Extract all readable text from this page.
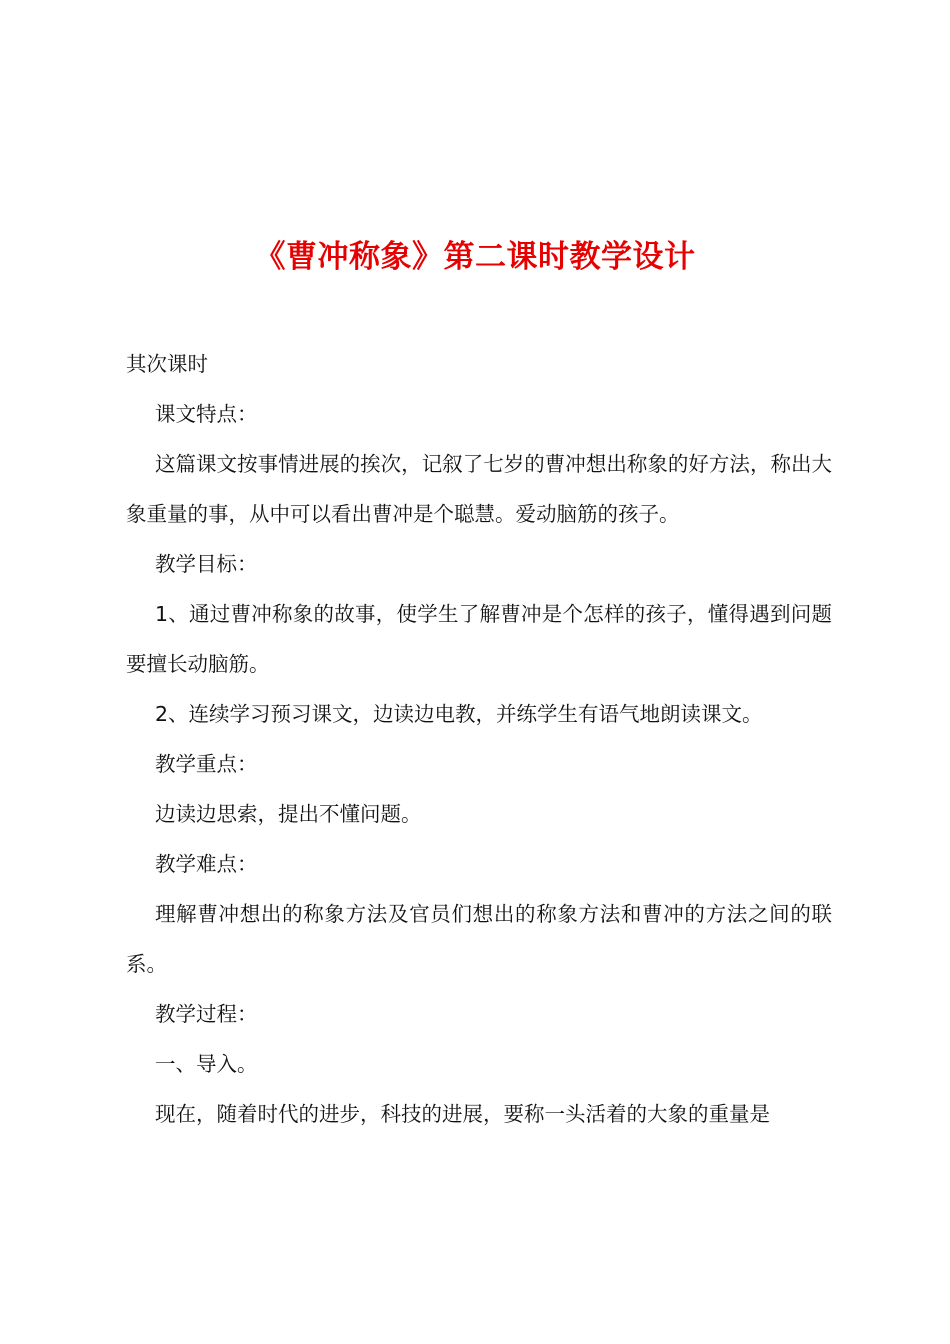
《曹冲称象》第二课时教学设计

其次课时

课文特点：

这篇课文按事情进展的挨次，记叙了七岁的曹冲想出称象的好方法，称出大象重量的事，从中可以看出曹冲是个聪慧。爱动脑筋的孩子。

教学目标：

1、通过曹冲称象的故事，使学生了解曹冲是个怎样的孩子，懂得遇到问题要擅长动脑筋。

2、连续学习预习课文，边读边电教，并练学生有语气地朗读课文。

教学重点：

边读边思索，提出不懂问题。

教学难点：

理解曹冲想出的称象方法及官员们想出的称象方法和曹冲的方法之间的联系。

教学过程：

一、导入。

现在，随着时代的进步，科技的进展，要称一头活着的大象的重量是
